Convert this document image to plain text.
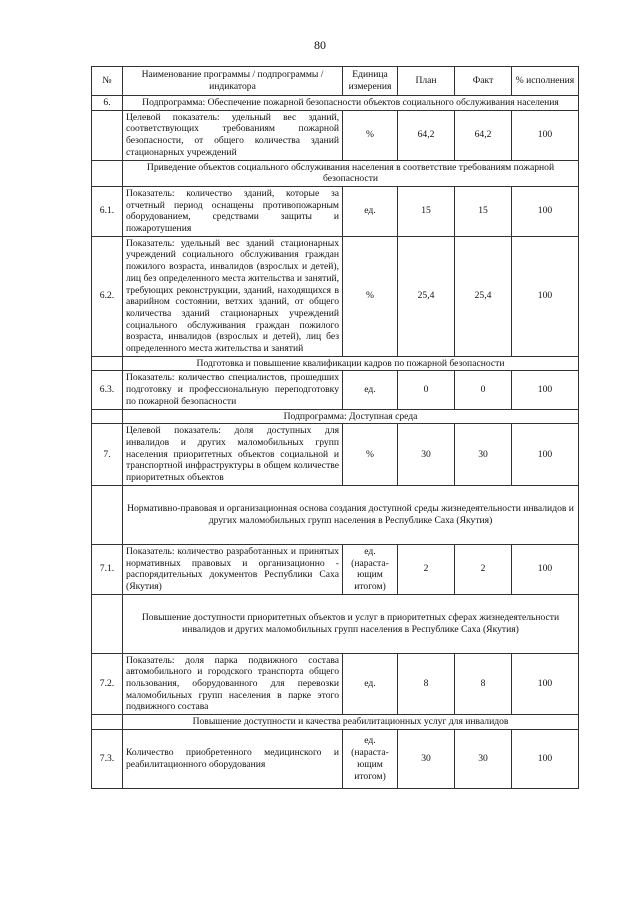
80
№	Наименование программы / подпрограммы / индикатора	Единица измерения	План	Факт	% исполнения
6.	Подпрограмма: Обеспечение пожарной безопасности объектов социального обслуживания населения				
	Целевой показатель: удельный вес зданий, соответствующих требованиям пожарной безопасности, от общего количества зданий стационарных учреждений	%	64,2	64,2	100
	Приведение объектов социального обслуживания населения в соответствие требованиям пожарной безопасности				
6.1.	Показатель: количество зданий, которые за отчетный период оснащены противопожарным оборудованием, средствами защиты и пожаротушения	ед.	15	15	100
6.2.	Показатель: удельный вес зданий стационарных учреждений социального обслуживания граждан пожилого возраста, инвалидов (взрослых и детей), лиц без определенного места жительства и занятий, требующих реконструкции, зданий, находящихся в аварийном состоянии, ветхих зданий, от общего количества зданий стационарных учреждений социального обслуживания граждан пожилого возраста, инвалидов (взрослых и детей), лиц без определенного места жительства и занятий	%	25,4	25,4	100
	Подготовка и повышение квалификации кадров по пожарной безопасности				
6.3.	Показатель: количество специалистов, прошедших подготовку и профессиональную переподготовку по пожарной безопасности	ед.	0	0	100
	Подпрограмма: Доступная среда				
7.	Целевой показатель: доля доступных для инвалидов и других маломобильных групп населения приоритетных объектов социальной и транспортной инфраструктуры в общем количестве приоритетных объектов	%	30	30	100
	Нормативно-правовая и организационная основа создания доступной среды жизнедеятельности инвалидов и других маломобильных групп населения в Республике Саха (Якутия)				
7.1.	Показатель: количество разработанных и принятых нормативных правовых и организационно - распорядительных документов Республики Саха (Якутия)	ед. (нараста-ющим итогом)	2	2	100
	Повышение доступности приоритетных объектов и услуг в приоритетных сферах жизнедеятельности инвалидов и других маломобильных групп населения в Республике Саха (Якутия)				
7.2.	Показатель: доля парка подвижного состава автомобильного и городского транспорта общего пользования, оборудованного для перевозки маломобильных групп населения в парке этого подвижного состава	ед.	8	8	100
	Повышение доступности и качества реабилитационных услуг для инвалидов				
7.3.	Количество приобретенного медицинского и реабилитационного оборудования	ед. (нараста-ющим итогом)	30	30	100
